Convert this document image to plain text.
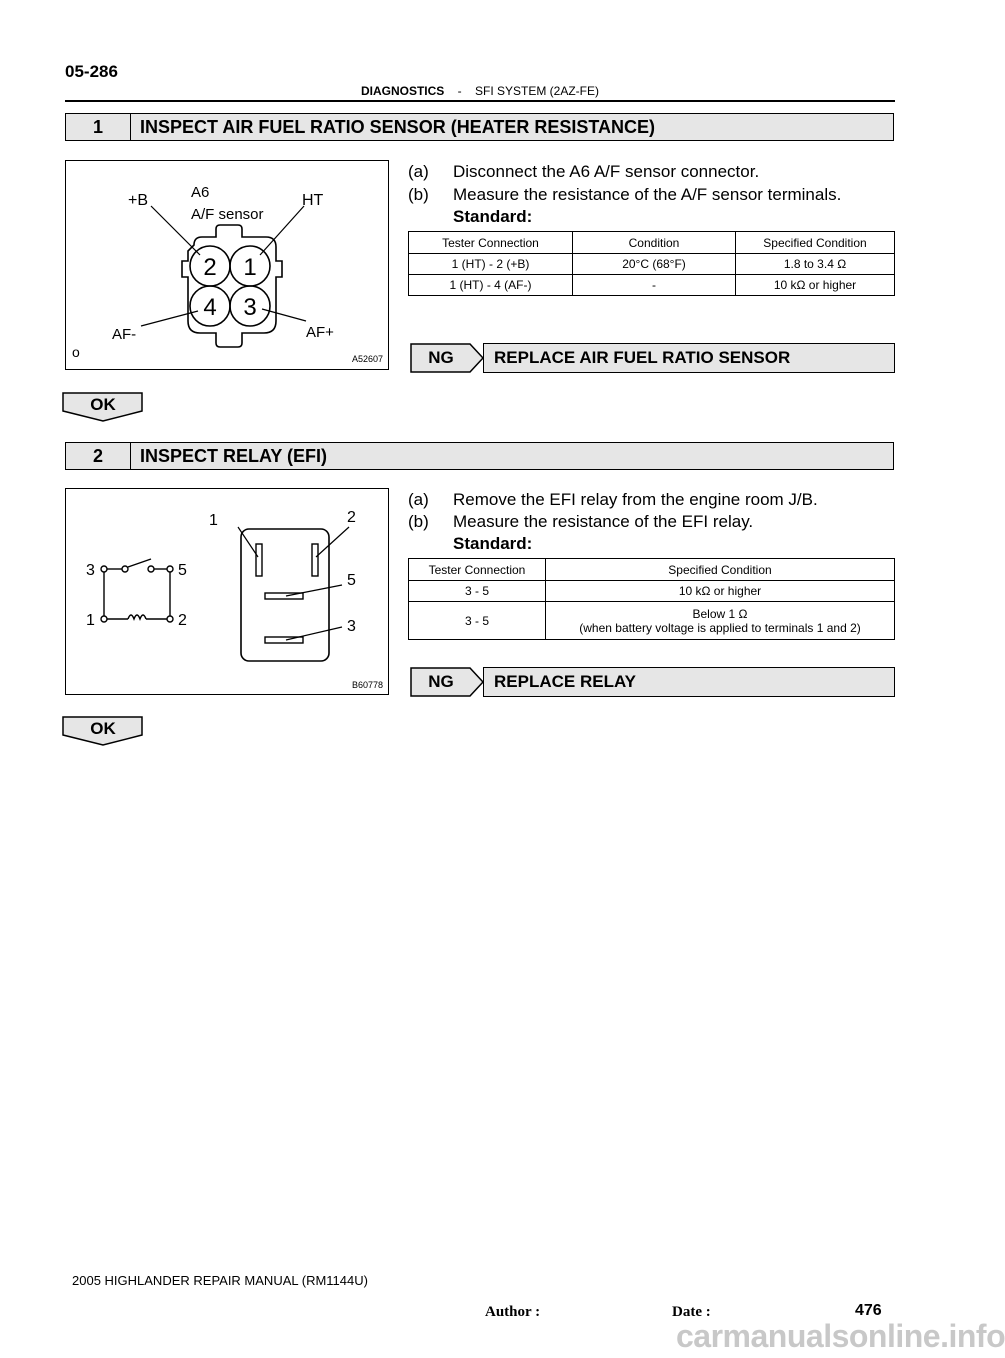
05-286
DIAGNOSTICS - SFI SYSTEM (2AZ-FE)
1	INSPECT AIR FUEL RATIO SENSOR (HEATER RESISTANCE)
2 1
4 3
+B	A6
A/F sensor
HT
AF-	AF+
o	A52607
(a) Disconnect the A6 A/F sensor connector.
(b) Measure the resistance of the A/F sensor terminals.
Standard:
Tester Connection	Condition	Specified Condition
1 (HT) - 2 (+B)	20°C (68°F)	1.8 to 3.4 Ω
1 (HT) - 4 (AF-)	-	10 kΩ or higher
NG	REPLACE AIR FUEL RATIO SENSOR
OK
2	INSPECT RELAY (EFI)
1	2
5
3
3	5
1	2
B60778
(a) Remove the EFI relay from the engine room J/B.
(b) Measure the resistance of the EFI relay.
Standard:
Tester Connection	Specified Condition
3 - 5	10 kΩ or higher
3 - 5	Below 1 Ω
(when battery voltage is applied to terminals 1 and 2)
NG	REPLACE RELAY
OK
2005 HIGHLANDER REPAIR MANUAL (RM1144U)
Author :	Date :	476
carmanualsonline.info
